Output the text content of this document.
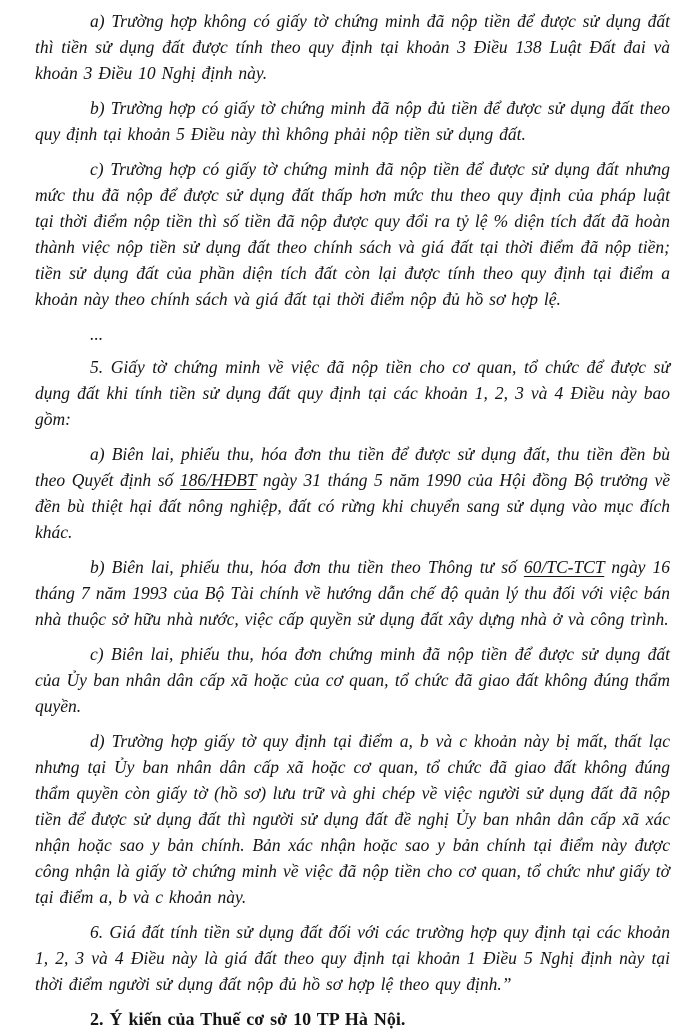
a) Trường hợp không có giấy tờ chứng minh đã nộp tiền để được sử dụng đất thì tiền sử dụng đất được tính theo quy định tại khoản 3 Điều 138 Luật Đất đai và khoản 3 Điều 10 Nghị định này.

b) Trường hợp có giấy tờ chứng minh đã nộp đủ tiền để được sử dụng đất theo quy định tại khoản 5 Điều này thì không phải nộp tiền sử dụng đất.

c) Trường hợp có giấy tờ chứng minh đã nộp tiền để được sử dụng đất nhưng mức thu đã nộp để được sử dụng đất thấp hơn mức thu theo quy định của pháp luật tại thời điểm nộp tiền thì số tiền đã nộp được quy đổi ra tỷ lệ % diện tích đất đã hoàn thành việc nộp tiền sử dụng đất theo chính sách và giá đất tại thời điểm đã nộp tiền; tiền sử dụng đất của phần diện tích đất còn lại được tính theo quy định tại điểm a khoản này theo chính sách và giá đất tại thời điểm nộp đủ hồ sơ hợp lệ.

...

5. Giấy tờ chứng minh về việc đã nộp tiền cho cơ quan, tổ chức để được sử dụng đất khi tính tiền sử dụng đất quy định tại các khoản 1, 2, 3 và 4 Điều này bao gồm:

a) Biên lai, phiếu thu, hóa đơn thu tiền để được sử dụng đất, thu tiền đền bù theo Quyết định số 186/HĐBT ngày 31 tháng 5 năm 1990 của Hội đồng Bộ trưởng về đền bù thiệt hại đất nông nghiệp, đất có rừng khi chuyển sang sử dụng vào mục đích khác.

b) Biên lai, phiếu thu, hóa đơn thu tiền theo Thông tư số 60/TC-TCT ngày 16 tháng 7 năm 1993 của Bộ Tài chính về hướng dẫn chế độ quản lý thu đối với việc bán nhà thuộc sở hữu nhà nước, việc cấp quyền sử dụng đất xây dựng nhà ở và công trình.

c) Biên lai, phiếu thu, hóa đơn chứng minh đã nộp tiền để được sử dụng đất của Ủy ban nhân dân cấp xã hoặc của cơ quan, tổ chức đã giao đất không đúng thẩm quyền.

d) Trường hợp giấy tờ quy định tại điểm a, b và c khoản này bị mất, thất lạc nhưng tại Ủy ban nhân dân cấp xã hoặc cơ quan, tổ chức đã giao đất không đúng thẩm quyền còn giấy tờ (hồ sơ) lưu trữ và ghi chép về việc người sử dụng đất đã nộp tiền để được sử dụng đất thì người sử dụng đất đề nghị Ủy ban nhân dân cấp xã xác nhận hoặc sao y bản chính. Bản xác nhận hoặc sao y bản chính tại điểm này được công nhận là giấy tờ chứng minh về việc đã nộp tiền cho cơ quan, tổ chức như giấy tờ tại điểm a, b và c khoản này.

6. Giá đất tính tiền sử dụng đất đối với các trường hợp quy định tại các khoản 1, 2, 3 và 4 Điều này là giá đất theo quy định tại khoản 1 Điều 5 Nghị định này tại thời điểm người sử dụng đất nộp đủ hồ sơ hợp lệ theo quy định.”

2. Ý kiến của Thuế cơ sở 10 TP Hà Nội.
